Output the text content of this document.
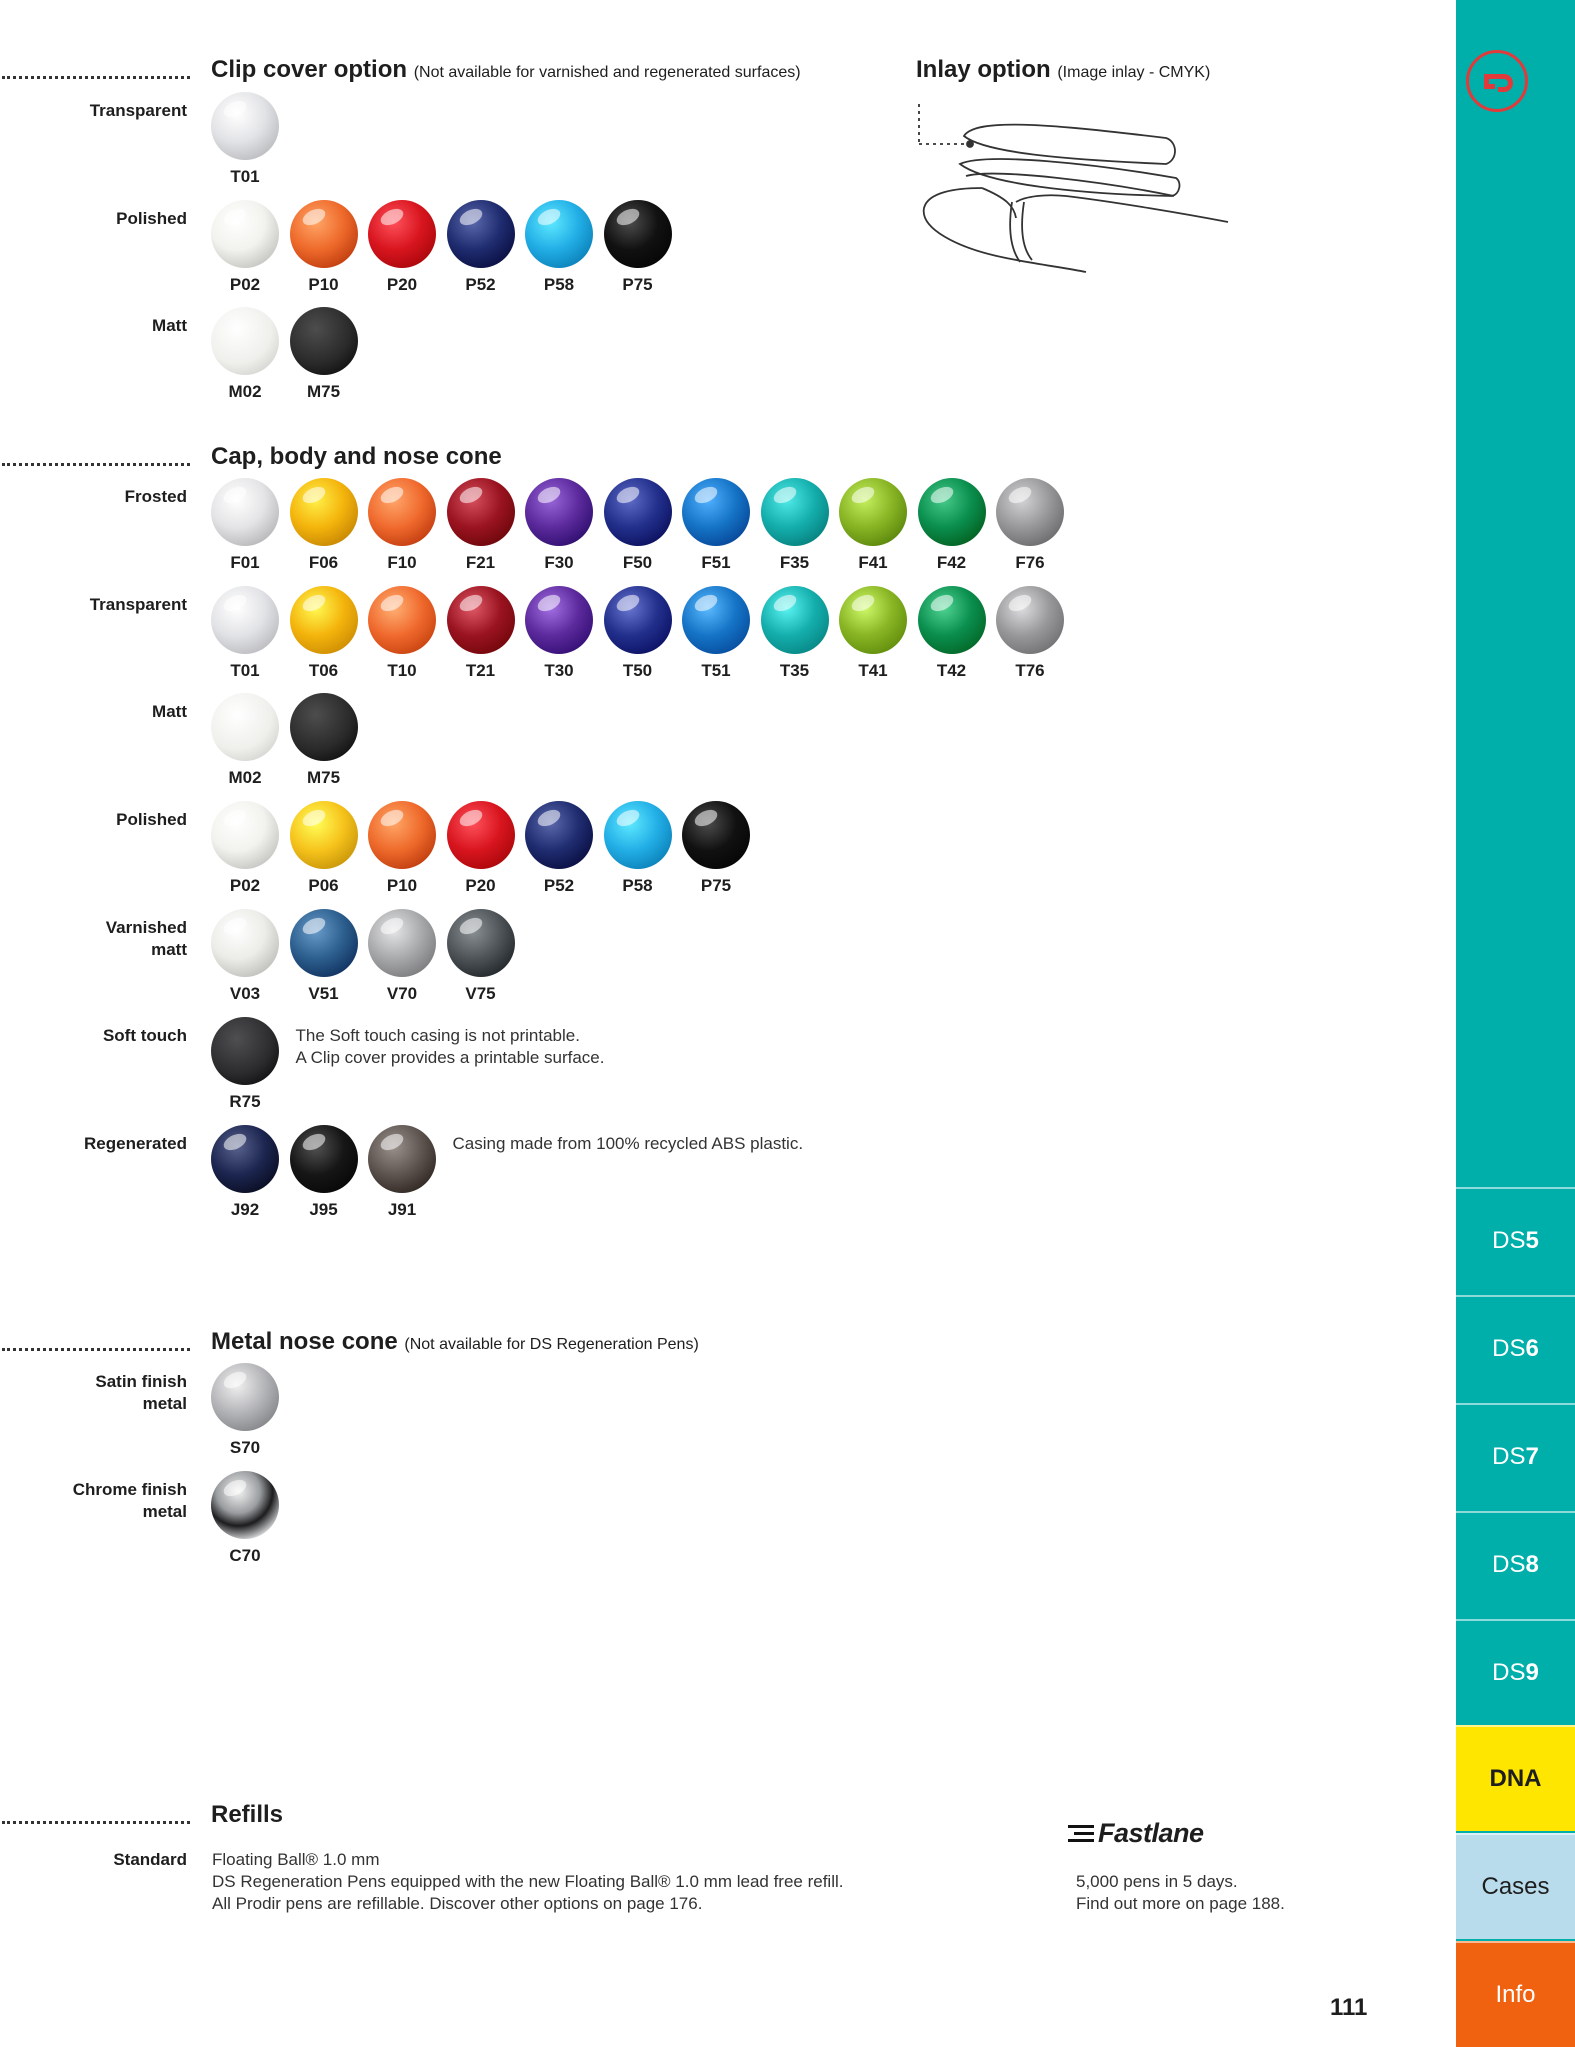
Clip cover option (Not available for varnished and regenerated surfaces)	Inlay option (Image inlay - CMYK)
Cap, body and nose cone
Metal nose cone (Not available for DS Regeneration Pens)
Refills
Transparent
T01
Polished
P02	P10	P20	P52	P58	P75
Matt
M02	M75
Frosted
F01	F06	F10	F21	F30	F50	F51	F35	F41	F42	F76
Transparent
T01	T06	T10	T21	T30	T50	T51	T35	T41	T42	T76
Matt
M02	M75
Polished
P02	P06	P10	P20	P52	P58	P75
Varnished
matt
V03	V51	V70	V75
Soft touch
R75
The Soft touch casing is not printable.
A Clip cover provides a printable surface.
Regenerated
J92	J95	J91
Casing made from 100% recycled ABS plastic.
Satin finish
metal
S70
Chrome finish
metal
C70
Standard Floating Ball® 1.0 mm
DS Regeneration Pens equipped with the new Floating Ball® 1.0 mm lead free refill.
All Prodir pens are refillable. Discover other options on page 176.
Fastlane
5,000 pens in 5 days.
Find out more on page 188.
111
DS 5
DS 6
DS 7
DS 8
DS 9
DNA
Cases
Info
